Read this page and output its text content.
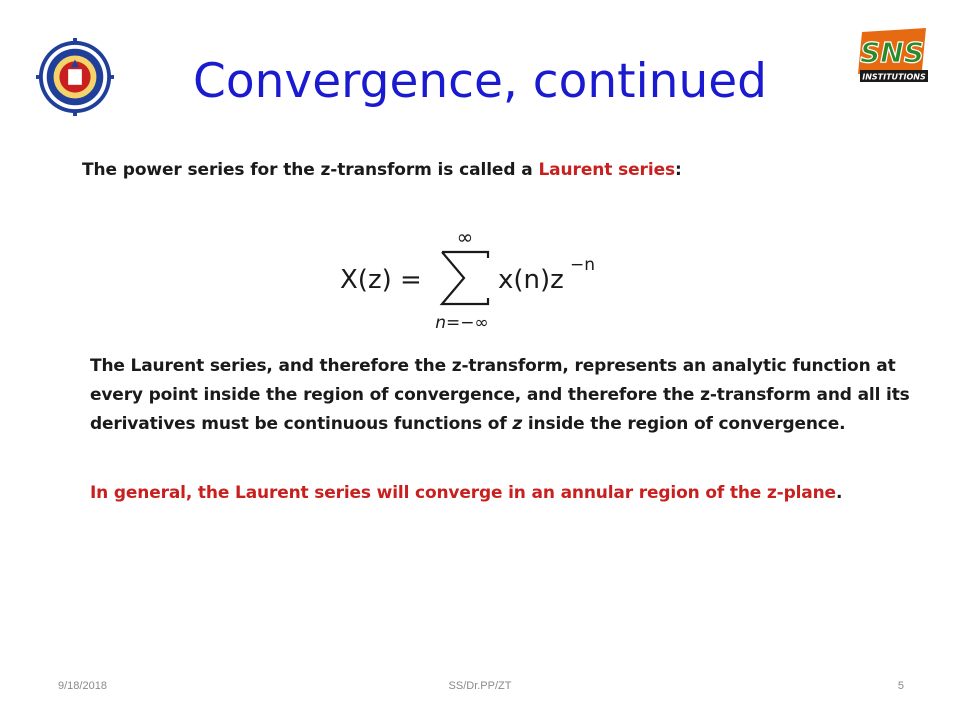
SNS
INSTITUTIONS
Convergence, continued
The power series for the z-transform is called a Laurent series:
X(z) =
∞
n=−∞
x(n)z −n
The Laurent series, and therefore the z-transform, represents an analytic function at every point inside the region of convergence, and therefore the z-transform and all its derivatives must be continuous functions of z inside the region of convergence.
In general, the Laurent series will converge in an annular region of the z-plane.
9/18/2018	SS/Dr.PP/ZT	5
